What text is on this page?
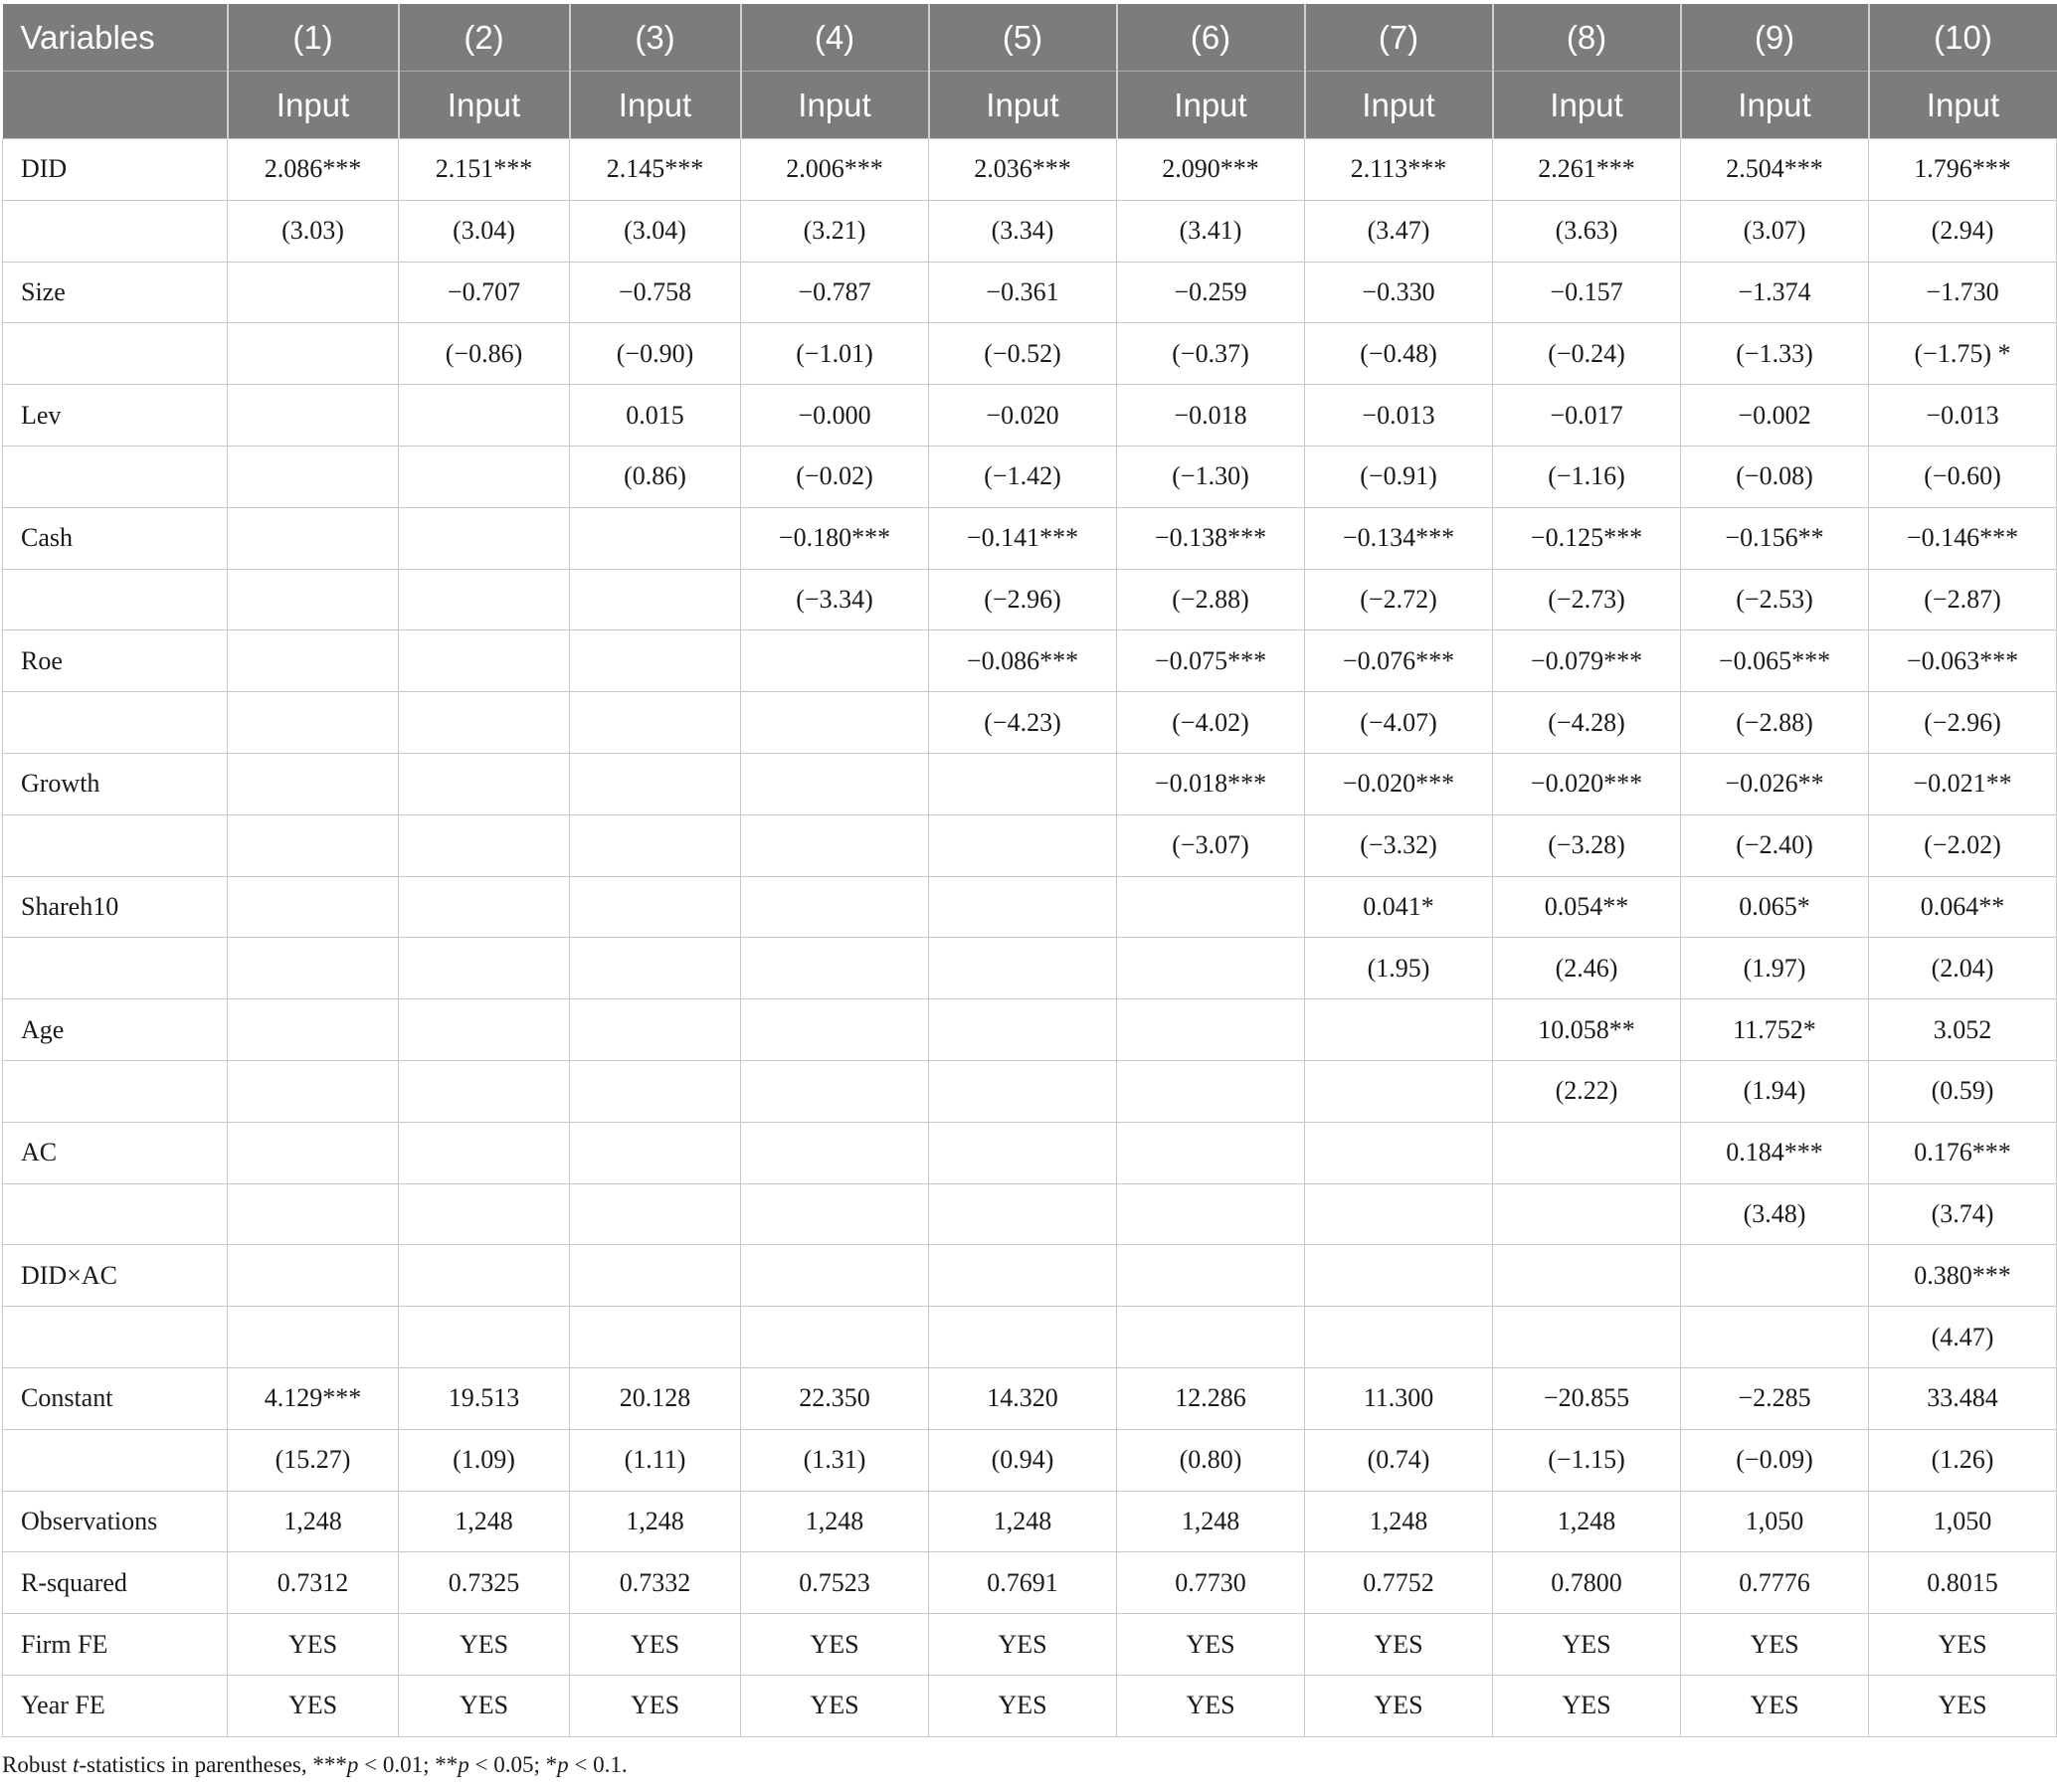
Variables	(1)	(2)	(3)	(4)	(5)	(6)	(7)	(8)	(9)	(10)
	Input	Input	Input	Input	Input	Input	Input	Input	Input	Input
DID	2.086***	2.151***	2.145***	2.006***	2.036***	2.090***	2.113***	2.261***	2.504***	1.796***
	(3.03)	(3.04)	(3.04)	(3.21)	(3.34)	(3.41)	(3.47)	(3.63)	(3.07)	(2.94)
Size		−0.707	−0.758	−0.787	−0.361	−0.259	−0.330	−0.157	−1.374	−1.730
		(−0.86)	(−0.90)	(−1.01)	(−0.52)	(−0.37)	(−0.48)	(−0.24)	(−1.33)	(−1.75) *
Lev			0.015	−0.000	−0.020	−0.018	−0.013	−0.017	−0.002	−0.013
			(0.86)	(−0.02)	(−1.42)	(−1.30)	(−0.91)	(−1.16)	(−0.08)	(−0.60)
Cash				−0.180***	−0.141***	−0.138***	−0.134***	−0.125***	−0.156**	−0.146***
				(−3.34)	(−2.96)	(−2.88)	(−2.72)	(−2.73)	(−2.53)	(−2.87)
Roe					−0.086***	−0.075***	−0.076***	−0.079***	−0.065***	−0.063***
					(−4.23)	(−4.02)	(−4.07)	(−4.28)	(−2.88)	(−2.96)
Growth						−0.018***	−0.020***	−0.020***	−0.026**	−0.021**
						(−3.07)	(−3.32)	(−3.28)	(−2.40)	(−2.02)
Shareh10							0.041*	0.054**	0.065*	0.064**
							(1.95)	(2.46)	(1.97)	(2.04)
Age								10.058**	11.752*	3.052
								(2.22)	(1.94)	(0.59)
AC									0.184***	0.176***
									(3.48)	(3.74)
DID×AC										0.380***
										(4.47)
Constant	4.129***	19.513	20.128	22.350	14.320	12.286	11.300	−20.855	−2.285	33.484
	(15.27)	(1.09)	(1.11)	(1.31)	(0.94)	(0.80)	(0.74)	(−1.15)	(−0.09)	(1.26)
Observations	1,248	1,248	1,248	1,248	1,248	1,248	1,248	1,248	1,050	1,050
R-squared	0.7312	0.7325	0.7332	0.7523	0.7691	0.7730	0.7752	0.7800	0.7776	0.8015
Firm FE	YES	YES	YES	YES	YES	YES	YES	YES	YES	YES
Year FE	YES	YES	YES	YES	YES	YES	YES	YES	YES	YES
Robust t-statistics in parentheses, ***p < 0.01; **p < 0.05; *p < 0.1.
